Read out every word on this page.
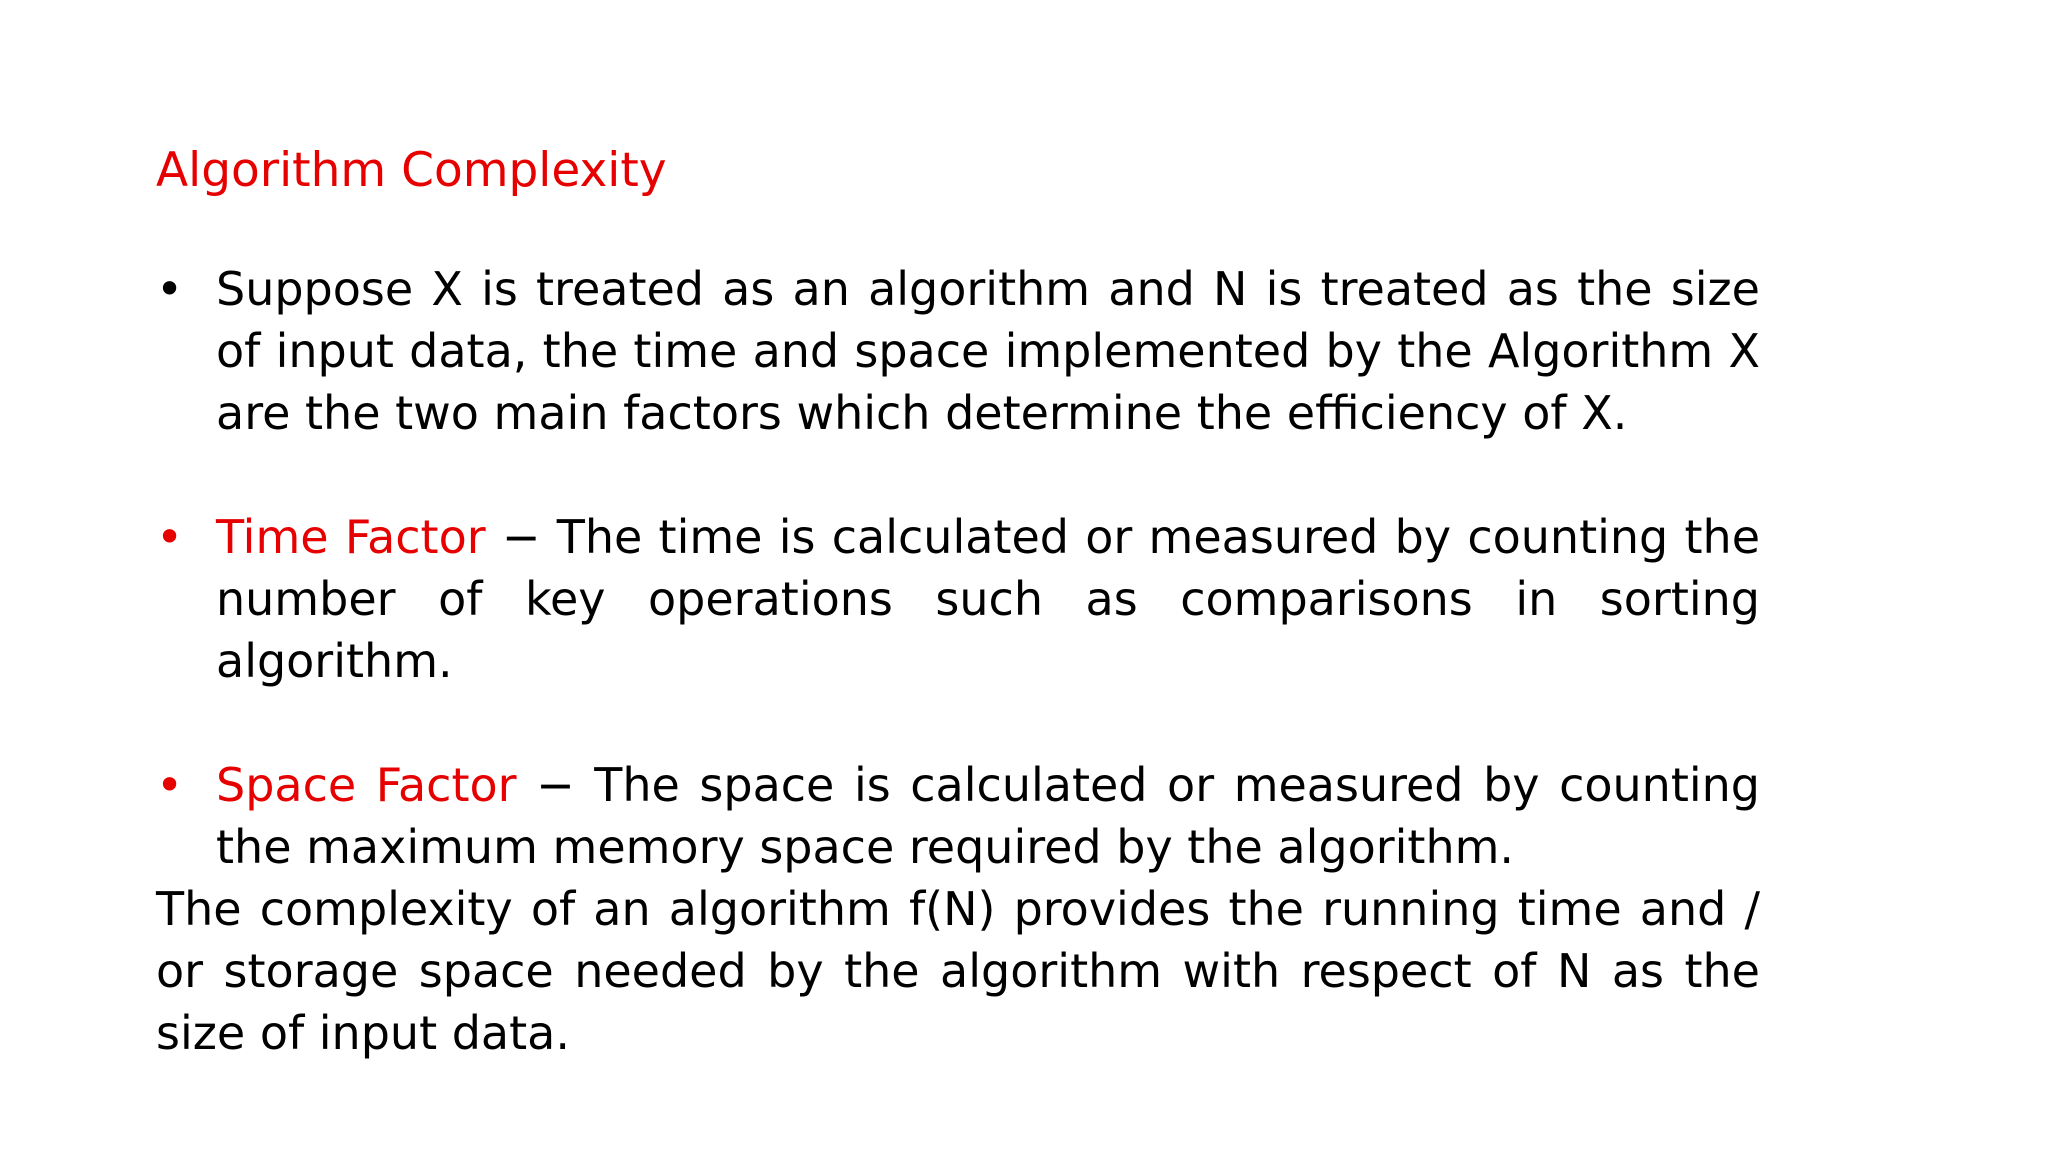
Algorithm Complexity
• Suppose X is treated as an algorithm and N is treated as the size of input data, the time and space implemented by the Algorithm X are the two main factors which determine the efficiency of X.
• Time Factor − The time is calculated or measured by counting the number of key operations such as comparisons in sorting algorithm.
• Space Factor − The space is calculated or measured by counting the maximum memory space required by the algorithm.
The complexity of an algorithm f(N) provides the running time and / or storage space needed by the algorithm with respect of N as the size of input data.
